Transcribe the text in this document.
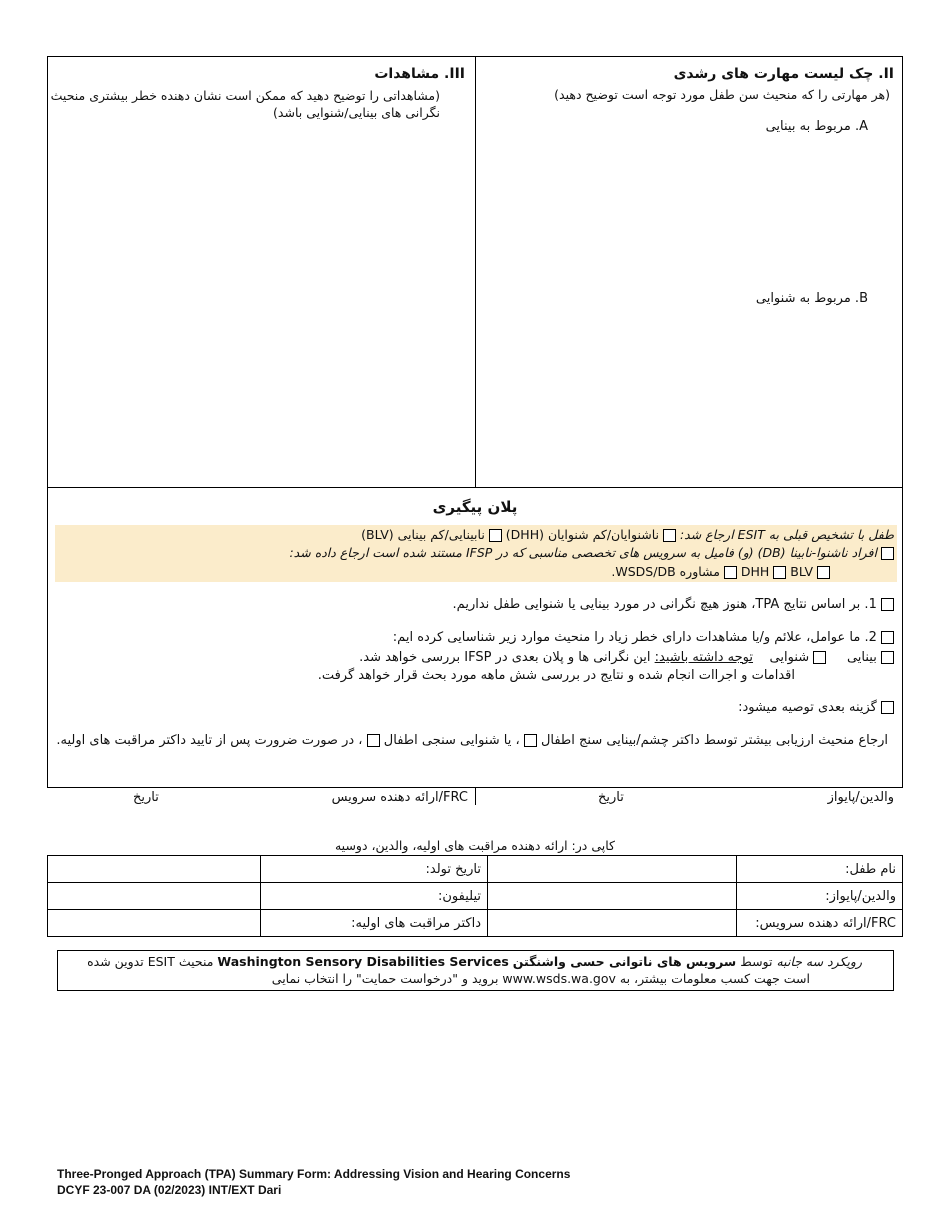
II. چک لیست مهارت های رشدی
(هر مهارتی را که منحیث سن طفل مورد توجه است توضیح دهید)
A. مربوط به بینایی
B. مربوط به شنوایی
III. مشاهدات
(مشاهداتی را توضیح دهید که ممکن است نشان دهنده خطر بیشتری منحیث نگرانی های بینایی/شنوایی باشد)
پلان پیگیری
طفل با تشخیص قبلی به ESIT ارجاع شد:  ناشنوایان/کم شنوایان (DHH)  نابینایی/کم بینایی (BLV)
افراد ناشنوا-نابینا (DB) (و) فامیل به سرویس های تخصصی مناسبی که در IFSP مستند شده است ارجاع داده شد:
DHH BLV  مشاوره WSDS/DB.
1. بر اساس نتایج TPA، هنوز هیچ نگرانی در مورد بینایی یا شنوایی طفل نداریم.
2. ما عوامل، علائم و/یا مشاهدات دارای خطر زیاد را منحیث موارد زیر شناسایی کرده ایم:
بینایی      شنوایی    توجه داشته باشید: این نگرانی ها و پلان بعدی در IFSP بررسی خواهد شد.
اقدامات و اجراات انجام شده و نتایج در بررسی شش ماهه مورد بحث قرار خواهد گرفت.
گزینه بعدی توصیه میشود:
ارجاع منحیث ارزیابی بیشتر توسط داکتر چشم/بینایی سنج اطفال  ، یا شنوایی سنجی اطفال  ، در صورت ضرورت پس از تایید داکتر مراقبت های اولیه.
والدین/پایواز
تاریخ
FRC/ارائه دهنده سرویس
تاریخ
کاپی در: ارائه دهنده مراقبت های اولیه، والدین، دوسیه
	تاریخ تولد:		نام طفل:
	تیلیفون:		والدین/پایواز:
	داکتر مراقبت های اولیه:		FRC/ارائه دهنده سرویس:
رویکرد سه جانبه توسط سرویس های ناتوانی حسی واشنگتن Washington Sensory Disabilities Services منحیث ESIT تدوین شده
است جهت کسب معلومات بیشتر، به www.wsds.wa.gov بروید و "درخواست حمایت" را انتخاب نمایی
Three-Pronged Approach (TPA) Summary Form: Addressing Vision and Hearing Concerns
DCYF 23-007 DA (02/2023) INT/EXT Dari
